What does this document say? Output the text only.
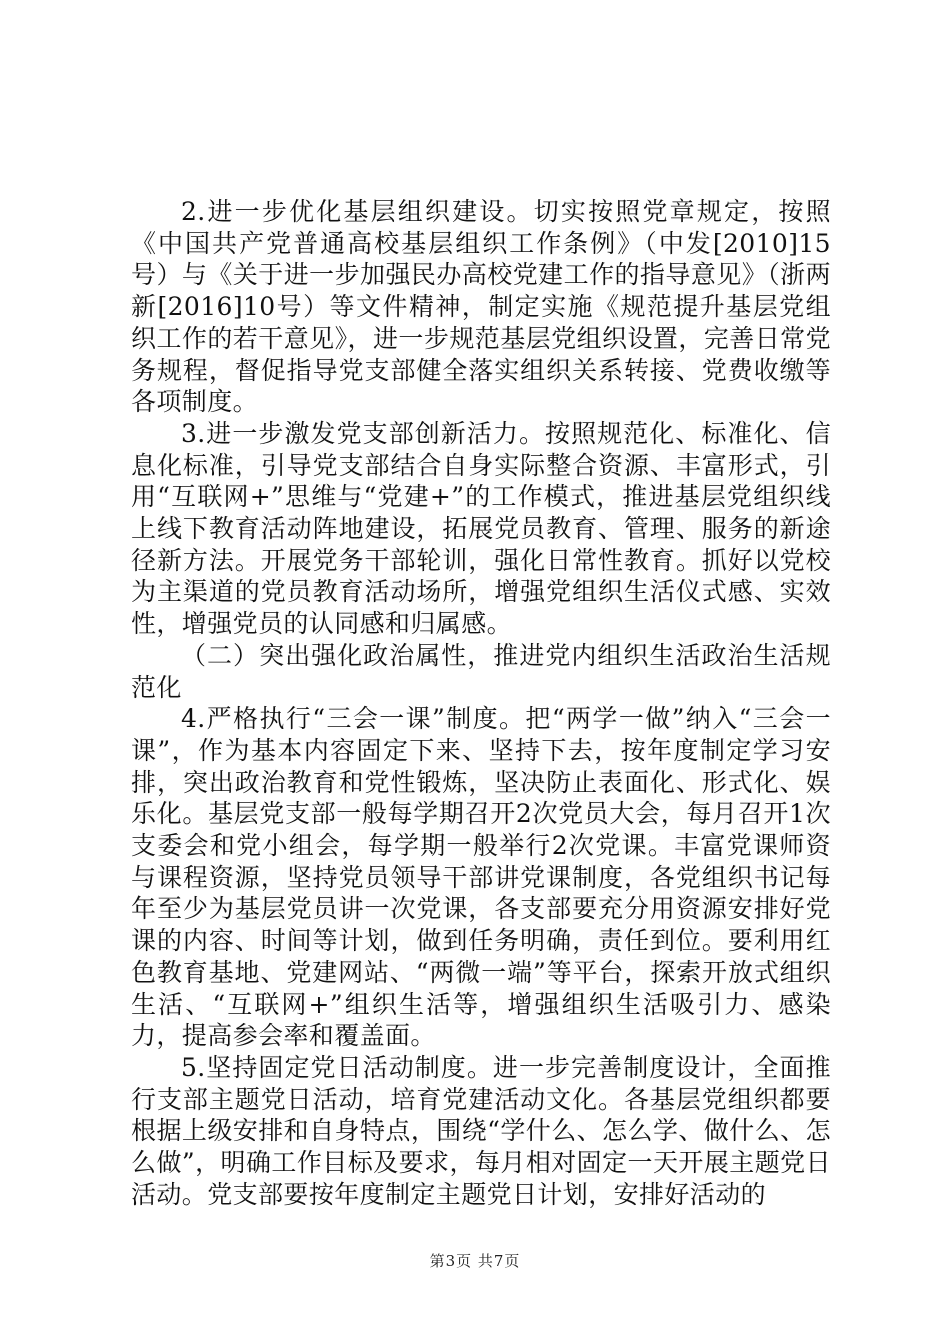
2.进一步优化基层组织建设。切实按照党章规定，按照《中国共产党普通高校基层组织工作条例》（中发[2010]15号）与《关于进一步加强民办高校党建工作的指导意见》（浙两新[2016]10号）等文件精神，制定实施《规范提升基层党组织工作的若干意见》，进一步规范基层党组织设置，完善日常党务规程，督促指导党支部健全落实组织关系转接、党费收缴等各项制度。

3.进一步激发党支部创新活力。按照规范化、标准化、信息化标准，引导党支部结合自身实际整合资源、丰富形式，引用“互联网+”思维与“党建+”的工作模式，推进基层党组织线上线下教育活动阵地建设，拓展党员教育、管理、服务的新途径新方法。开展党务干部轮训，强化日常性教育。抓好以党校为主渠道的党员教育活动场所，增强党组织生活仪式感、实效性，增强党员的认同感和归属感。

（二）突出强化政治属性，推进党内组织生活政治生活规范化

4.严格执行“三会一课”制度。把“两学一做”纳入“三会一课”，作为基本内容固定下来、坚持下去，按年度制定学习安排，突出政治教育和党性锻炼，坚决防止表面化、形式化、娱乐化。基层党支部一般每学期召开2次党员大会，每月召开1次支委会和党小组会，每学期一般举行2次党课。丰富党课师资与课程资源，坚持党员领导干部讲党课制度，各党组织书记每年至少为基层党员讲一次党课，各支部要充分用资源安排好党课的内容、时间等计划，做到任务明确，责任到位。要利用红色教育基地、党建网站、“两微一端”等平台，探索开放式组织生活、“互联网+”组织生活等，增强组织生活吸引力、感染力，提高参会率和覆盖面。

5.坚持固定党日活动制度。进一步完善制度设计，全面推行支部主题党日活动，培育党建活动文化。各基层党组织都要根据上级安排和自身特点，围绕“学什么、怎么学、做什么、怎么做”，明确工作目标及要求，每月相对固定一天开展主题党日活动。党支部要按年度制定主题党日计划，安排好活动的

第3页 共7页
